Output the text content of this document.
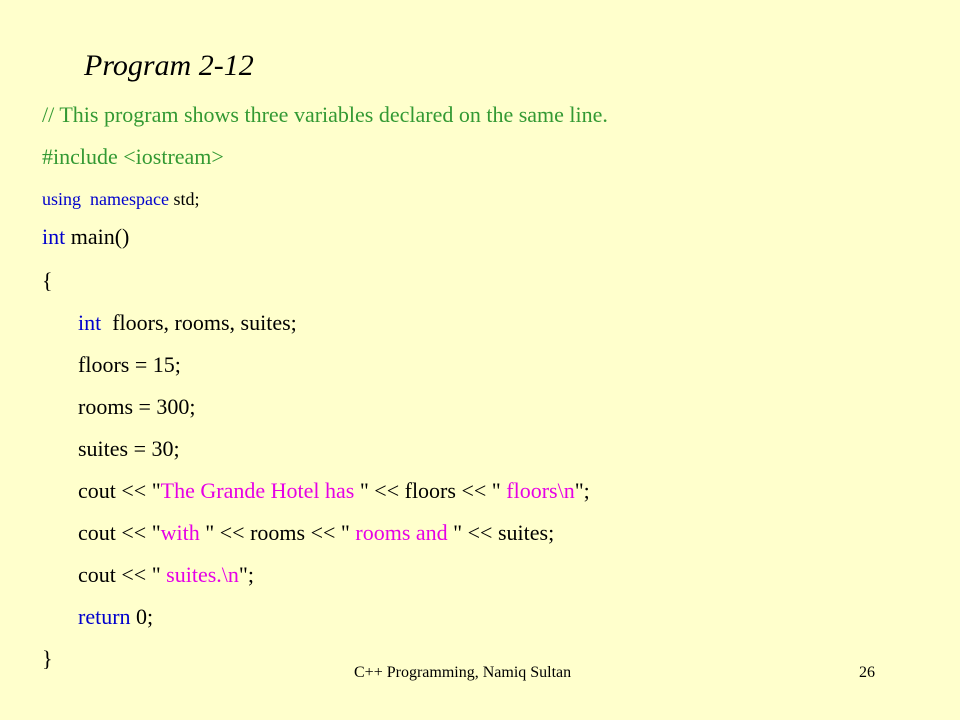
Program 2-12
// This program shows three variables declared on the same line.
#include <iostream>
using  namespace std;
int main()
{
int  floors, rooms, suites;
floors = 15;
rooms = 300;
suites = 30;
cout << "The Grande Hotel has " << floors << " floors\n";
cout << "with " << rooms << " rooms and " << suites;
cout << " suites.\n";
return 0;
}
C++ Programming, Namiq Sultan	26
